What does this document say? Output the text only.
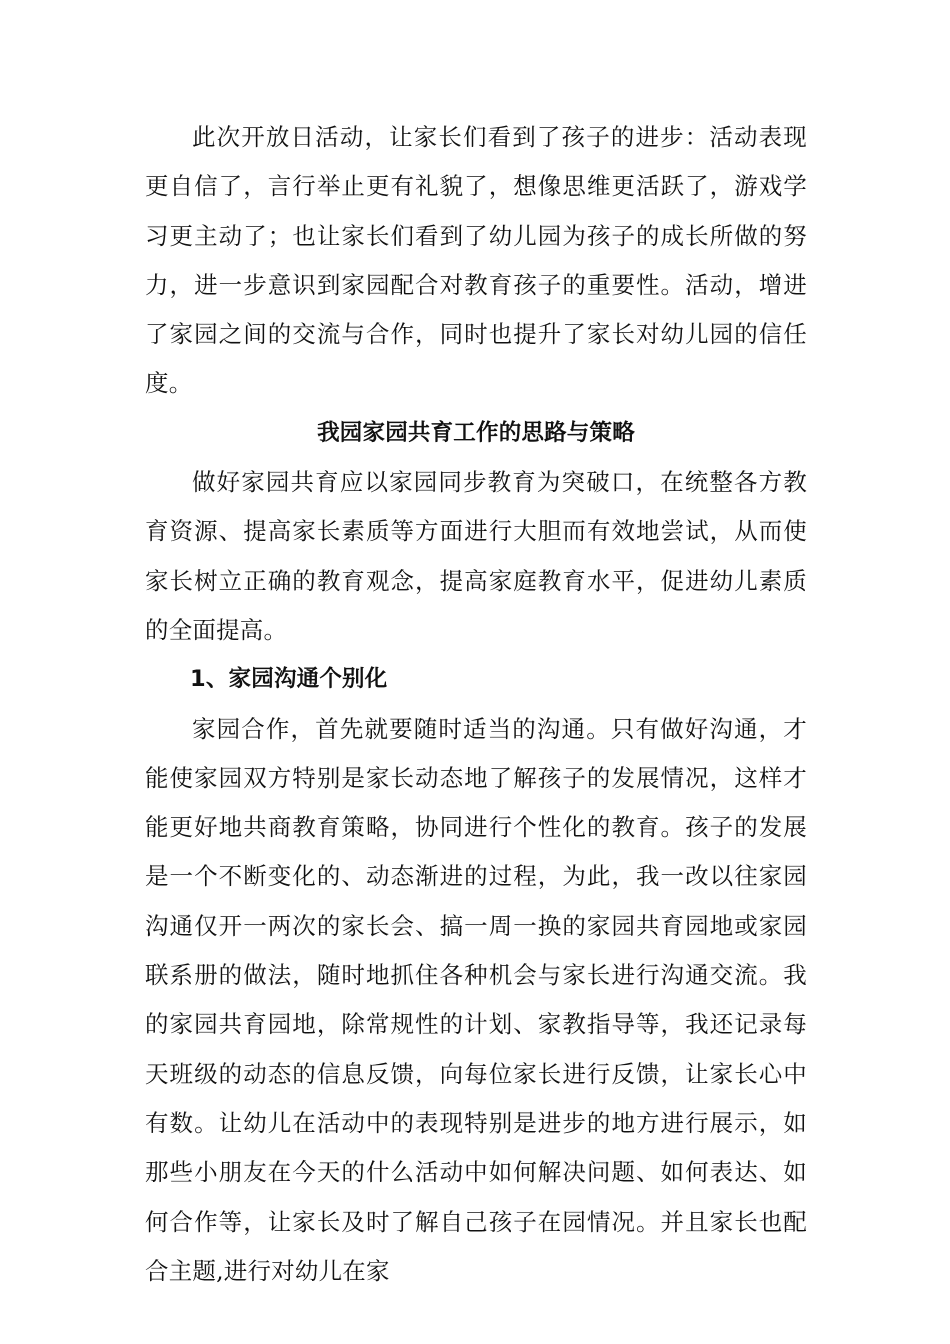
此次开放日活动，让家长们看到了孩子的进步：活动表现更自信了，言行举止更有礼貌了，想像思维更活跃了，游戏学习更主动了；也让家长们看到了幼儿园为孩子的成长所做的努力，进一步意识到家园配合对教育孩子的重要性。活动，增进了家园之间的交流与合作，同时也提升了家长对幼儿园的信任度。

我园家园共育工作的思路与策略

做好家园共育应以家园同步教育为突破口，在统整各方教育资源、提高家长素质等方面进行大胆而有效地尝试，从而使家长树立正确的教育观念，提高家庭教育水平，促进幼儿素质的全面提高。

1、家园沟通个别化

家园合作，首先就要随时适当的沟通。只有做好沟通，才能使家园双方特别是家长动态地了解孩子的发展情况，这样才能更好地共商教育策略，协同进行个性化的教育。孩子的发展是一个不断变化的、动态渐进的过程，为此，我一改以往家园沟通仅开一两次的家长会、搞一周一换的家园共育园地或家园联系册的做法，随时地抓住各种机会与家长进行沟通交流。我的家园共育园地，除常规性的计划、家教指导等，我还记录每天班级的动态的信息反馈，向每位家长进行反馈，让家长心中有数。让幼儿在活动中的表现特别是进步的地方进行展示，如那些小朋友在今天的什么活动中如何解决问题、如何表达、如何合作等，让家长及时了解自己孩子在园情况。并且家长也配合主题,进行对幼儿在家
